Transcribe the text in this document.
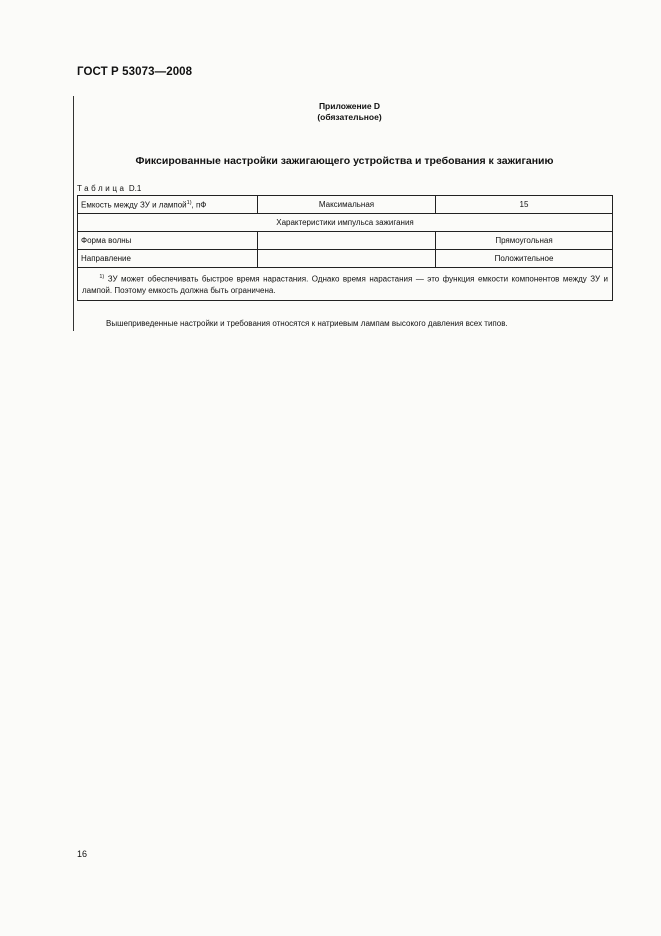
ГОСТ Р 53073—2008
Приложение D
(обязательное)
Фиксированные настройки зажигающего устройства и требования к зажиганию
Таблица D.1
Емкость между ЗУ и лампой$^{1)}$, пФ	Максимальная	15
Характеристики импульса зажигания		
Форма волны		Прямоугольная
Направление		Положительное

$^{1)}$ ЗУ может обеспечивать быстрое время нарастания. Однако время нарастания — это функция емкости компонентов между ЗУ и лампой. Поэтому емкость должна быть ограничена.		
Вышеприведенные настройки и требования относятся к натриевым лампам высокого давления всех типов.
16
